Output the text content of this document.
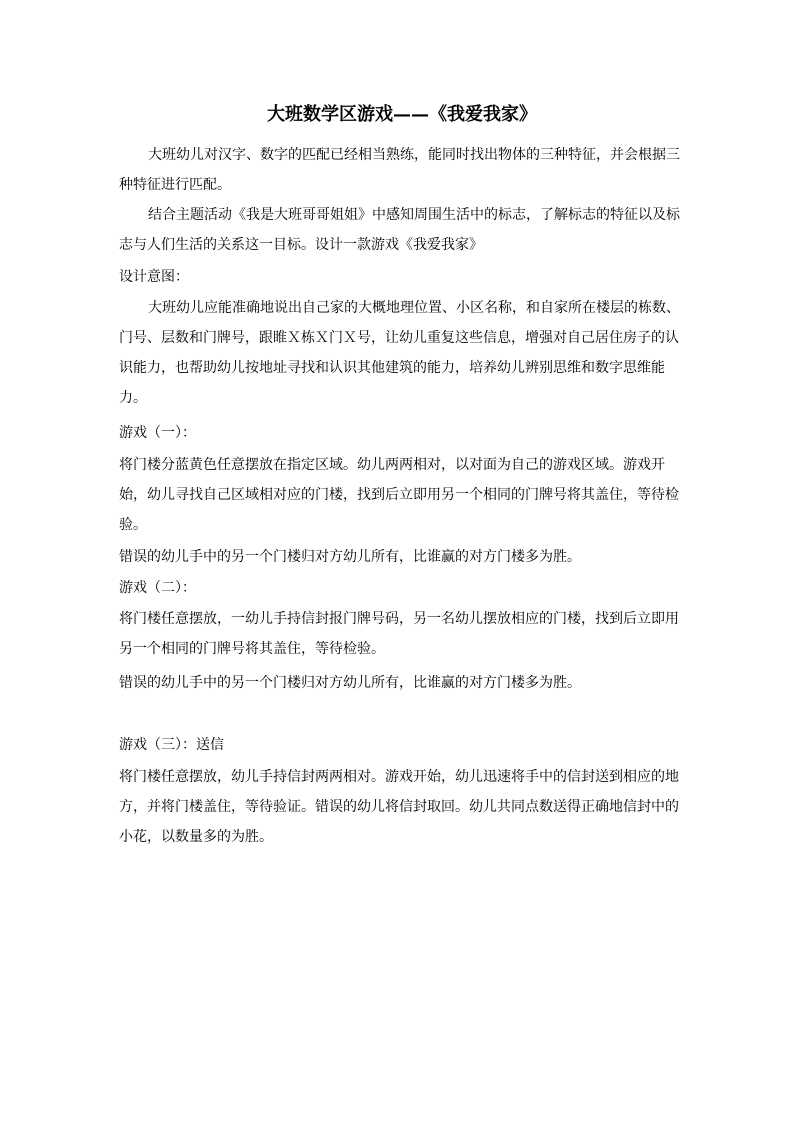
大班数学区游戏——《我爱我家》

大班幼儿对汉字、数字的匹配已经相当熟练，能同时找出物体的三种特征，并会根据三种特征进行匹配。

结合主题活动《我是大班哥哥姐姐》中感知周围生活中的标志，了解标志的特征以及标志与人们生活的关系这一目标。设计一款游戏《我爱我家》

设计意图：

大班幼儿应能准确地说出自己家的大概地理位置、小区名称，和自家所在楼层的栋数、门号、层数和门牌号，跟睢Ｘ栋Ｘ门Ｘ号，让幼儿重复这些信息，增强对自己居住房子的认识能力，也帮助幼儿按地址寻找和认识其他建筑的能力，培养幼儿辨别思维和数字思维能力。

游戏（一）：

将门楼分蓝黄色任意摆放在指定区域。幼儿两两相对，以对面为自己的游戏区域。游戏开始，幼儿寻找自己区域相对应的门楼，找到后立即用另一个相同的门牌号将其盖住，等待检验。

错误的幼儿手中的另一个门楼归对方幼儿所有，比谁赢的对方门楼多为胜。

游戏（二）：

将门楼任意摆放，一幼儿手持信封报门牌号码，另一名幼儿摆放相应的门楼，找到后立即用另一个相同的门牌号将其盖住，等待检验。

错误的幼儿手中的另一个门楼归对方幼儿所有，比谁赢的对方门楼多为胜。

游戏（三）：送信

将门楼任意摆放，幼儿手持信封两两相对。游戏开始，幼儿迅速将手中的信封送到相应的地方，并将门楼盖住，等待验证。错误的幼儿将信封取回。幼儿共同点数送得正确地信封中的小花，以数量多的为胜。
